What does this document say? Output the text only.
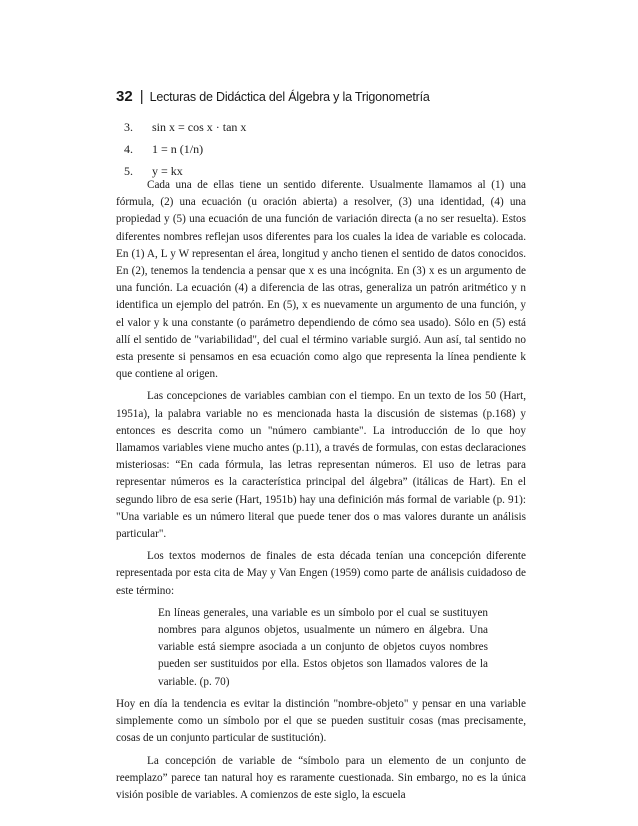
32 | Lecturas de Didáctica del Álgebra y la Trigonometría
3.	sin x = cos x · tan x
4.	1 = n (1/n)
5.	y = kx

Cada una de ellas tiene un sentido diferente. Usualmente llamamos al (1) una fórmula, (2) una ecuación (u oración abierta) a resolver, (3) una identidad, (4) una propiedad y (5) una ecuación de una función de variación directa (a no ser resuelta). Estos diferentes nombres reflejan usos diferentes para los cuales la idea de variable es colocada. En (1) A, L y W representan el área, longitud y ancho tienen el sentido de datos conocidos. En (2), tenemos la tendencia a pensar que x es una incógnita. En (3) x es un argumento de una función. La ecuación (4) a diferencia de las otras, generaliza un patrón aritmético y n identifica un ejemplo del patrón. En (5), x es nuevamente un argumento de una función, y el valor y k una constante (o parámetro dependiendo de cómo sea usado). Sólo en (5) está allí el sentido de "variabilidad", del cual el término variable surgió. Aun así, tal sentido no esta presente si pensamos en esa ecuación como algo que representa la línea pendiente k que contiene al origen.

Las concepciones de variables cambian con el tiempo. En un texto de los 50 (Hart, 1951a), la palabra variable no es mencionada hasta la discusión de sistemas (p.168) y entonces es descrita como un "número cambiante". La introducción de lo que hoy llamamos variables viene mucho antes (p.11), a través de formulas, con estas declaraciones misteriosas: “En cada fórmula, las letras representan números. El uso de letras para representar números es la característica principal del álgebra” (itálicas de Hart). En el segundo libro de esa serie (Hart, 1951b) hay una definición más formal de variable (p. 91): "Una variable es un número literal que puede tener dos o mas valores durante un análisis particular".

Los textos modernos de finales de esta década tenían una concepción diferente representada por esta cita de May y Van Engen (1959) como parte de análisis cuidadoso de este término:

En líneas generales, una variable es un símbolo por el cual se sustituyen nombres para algunos objetos, usualmente un número en álgebra. Una variable está siempre asociada a un conjunto de objetos cuyos nombres pueden ser sustituidos por ella. Estos objetos son llamados valores de la variable. (p. 70)

Hoy en día la tendencia es evitar la distinción "nombre-objeto" y pensar en una variable simplemente como un símbolo por el que se pueden sustituir cosas (mas precisamente, cosas de un conjunto particular de sustitución).

La concepción de variable de “símbolo para un elemento de un conjunto de reemplazo” parece tan natural hoy es raramente cuestionada. Sin embargo, no es la única visión posible de variables. A comienzos de este siglo, la escuela
